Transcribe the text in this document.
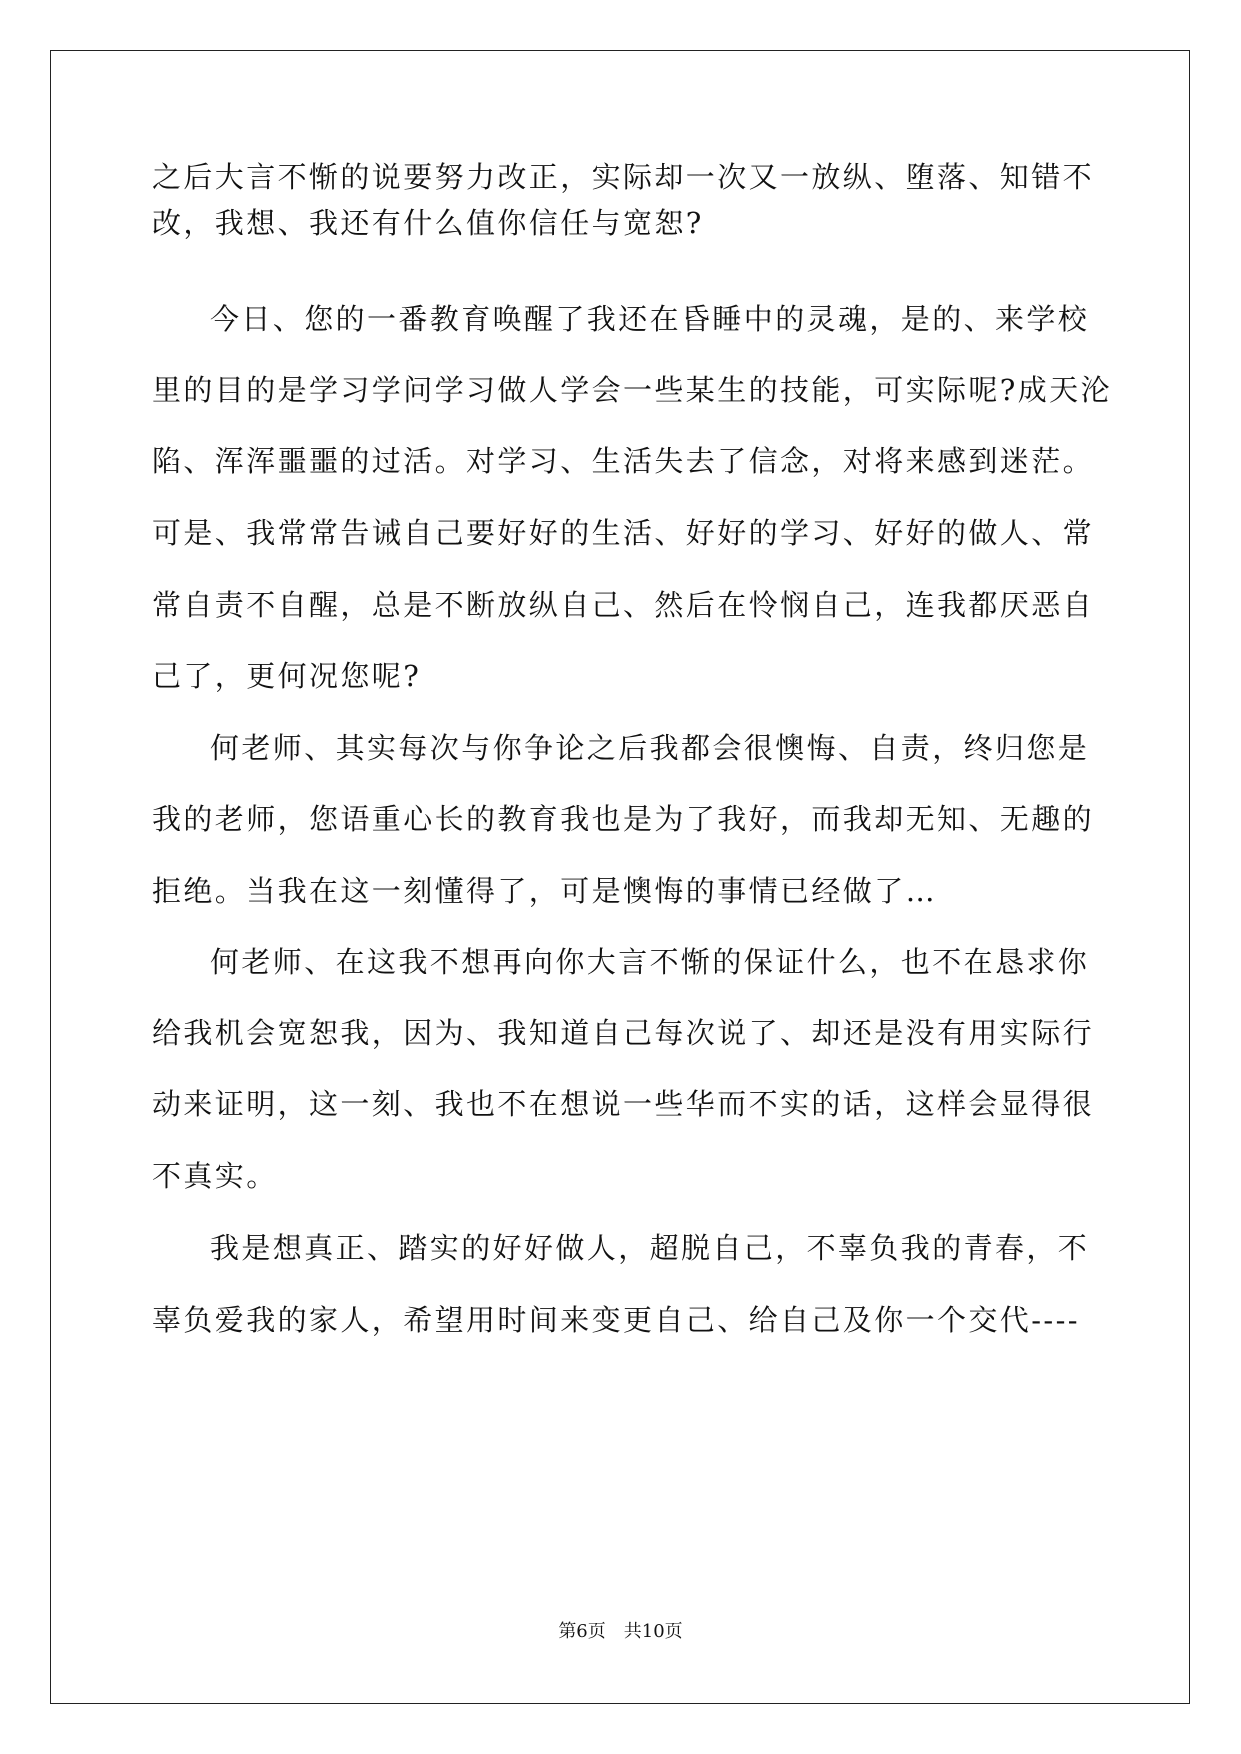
之后大言不惭的说要努力改正，实际却一次又一放纵、堕落、知错不
改，我想、我还有什么值你信任与宽恕?
今日、您的一番教育唤醒了我还在昏睡中的灵魂，是的、来学校
里的目的是学习学问学习做人学会一些某生的技能，可实际呢?成天沦
陷、浑浑噩噩的过活。对学习、生活失去了信念，对将来感到迷茫。
可是、我常常告诫自己要好好的生活、好好的学习、好好的做人、常
常自责不自醒，总是不断放纵自己、然后在怜悯自己，连我都厌恶自
己了，更何况您呢?
何老师、其实每次与你争论之后我都会很懊悔、自责，终归您是
我的老师，您语重心长的教育我也是为了我好，而我却无知、无趣的
拒绝。当我在这一刻懂得了，可是懊悔的事情已经做了…
何老师、在这我不想再向你大言不惭的保证什么，也不在恳求你
给我机会宽恕我，因为、我知道自己每次说了、却还是没有用实际行
动来证明，这一刻、我也不在想说一些华而不实的话，这样会显得很
不真实。
我是想真正、踏实的好好做人，超脱自己，不辜负我的青春，不
辜负爱我的家人，希望用时间来变更自己、给自己及你一个交代----
第6页　共10页
